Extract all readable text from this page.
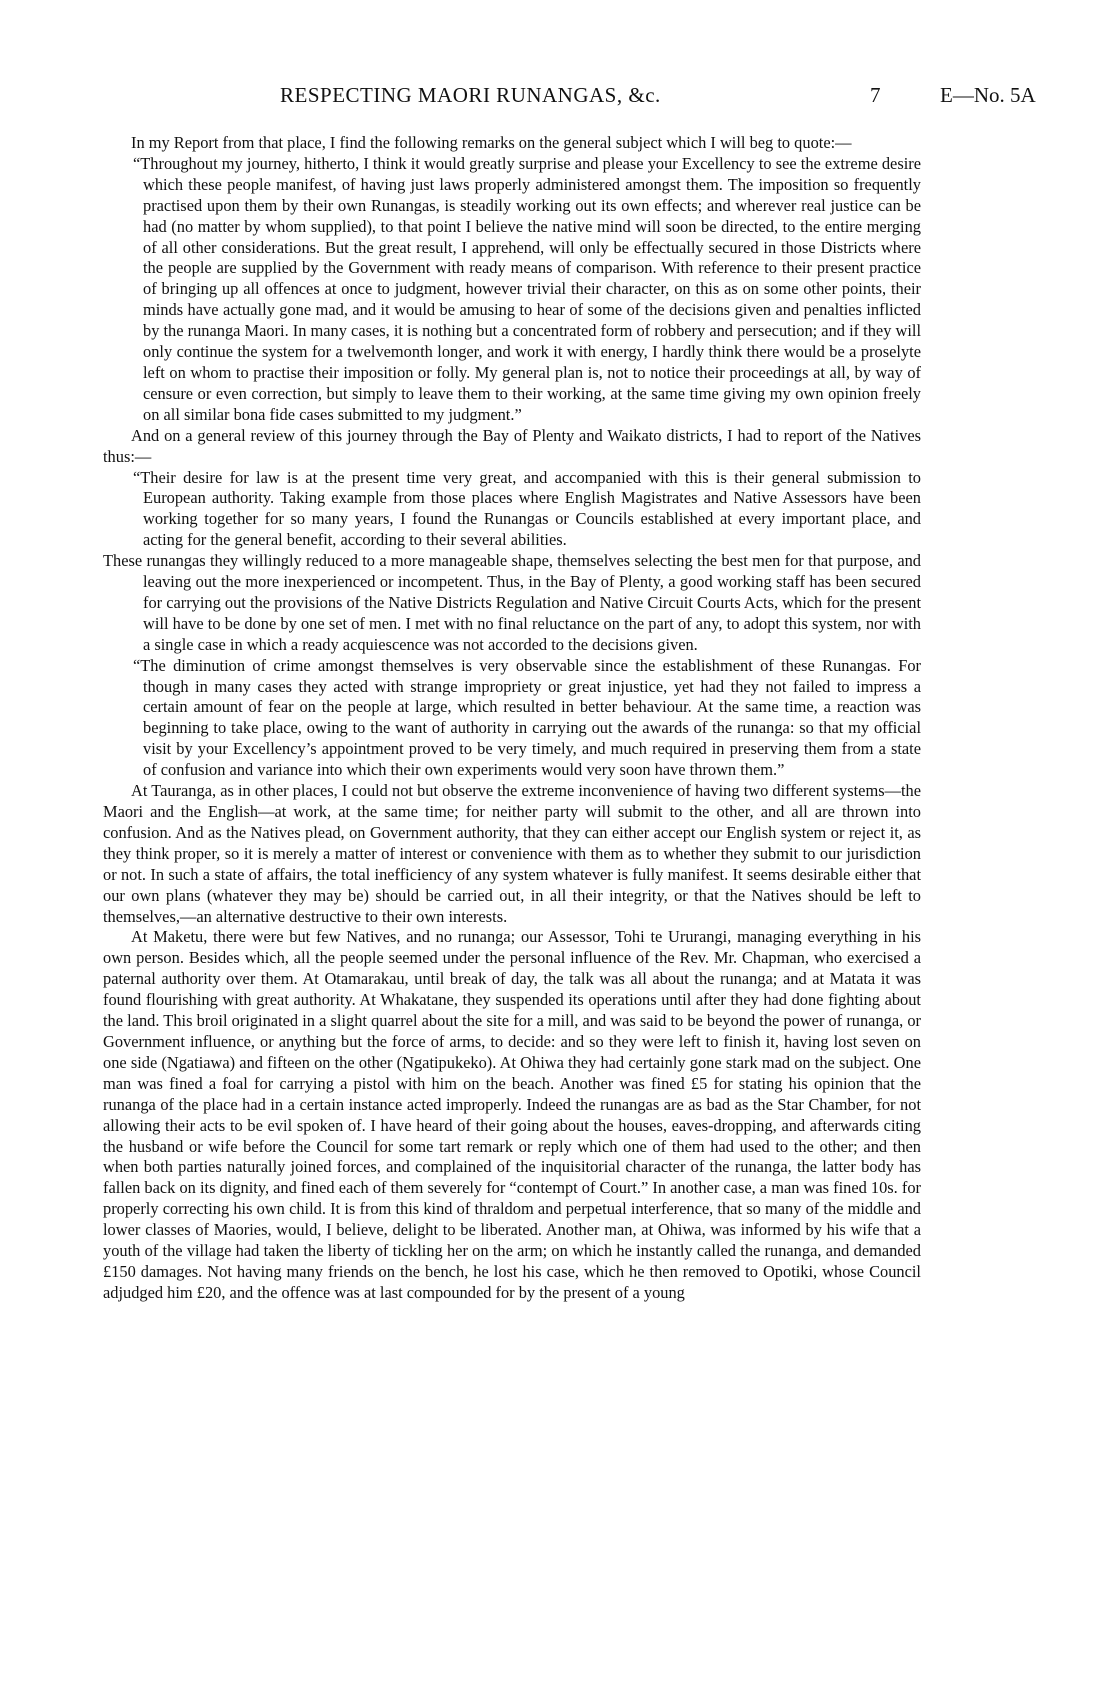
RESPECTING MAORI RUNANGAS, &c.	7	E—No. 5A

In my Report from that place, I find the following remarks on the general subject which I will beg to quote:—

“Throughout my journey, hitherto, I think it would greatly surprise and please your Excellency to see the extreme desire which these people manifest, of having just laws properly administered amongst them. The imposition so frequently practised upon them by their own Runangas, is steadily working out its own effects; and wherever real justice can be had (no matter by whom supplied), to that point I believe the native mind will soon be directed, to the entire merging of all other considerations. But the great result, I apprehend, will only be effectually secured in those Districts where the people are supplied by the Government with ready means of comparison. With reference to their present practice of bringing up all offences at once to judgment, however trivial their character, on this as on some other points, their minds have actually gone mad, and it would be amusing to hear of some of the decisions given and penalties inflicted by the runanga Maori. In many cases, it is nothing but a concentrated form of robbery and persecution; and if they will only continue the system for a twelvemonth longer, and work it with energy, I hardly think there would be a proselyte left on whom to practise their imposition or folly. My general plan is, not to notice their proceedings at all, by way of censure or even correction, but simply to leave them to their working, at the same time giving my own opinion freely on all similar bona fide cases submitted to my judgment.”

And on a general review of this journey through the Bay of Plenty and Waikato districts, I had to report of the Natives thus:—

“Their desire for law is at the present time very great, and accompanied with this is their general submission to European authority. Taking example from those places where English Magistrates and Native Assessors have been working together for so many years, I found the Runangas or Councils established at every important place, and acting for the general benefit, according to their several abilities.

These runangas they willingly reduced to a more manageable shape, themselves selecting the best men for that purpose, and leaving out the more inexperienced or incompetent. Thus, in the Bay of Plenty, a good working staff has been secured for carrying out the provisions of the Native Districts Regulation and Native Circuit Courts Acts, which for the present will have to be done by one set of men. I met with no final reluctance on the part of any, to adopt this system, nor with a single case in which a ready acquiescence was not accorded to the decisions given.

“The diminution of crime amongst themselves is very observable since the establishment of these Runangas. For though in many cases they acted with strange impropriety or great injustice, yet had they not failed to impress a certain amount of fear on the people at large, which resulted in better behaviour. At the same time, a reaction was beginning to take place, owing to the want of authority in carrying out the awards of the runanga: so that my official visit by your Excellency’s appointment proved to be very timely, and much required in preserving them from a state of confusion and variance into which their own experiments would very soon have thrown them.”

At Tauranga, as in other places, I could not but observe the extreme inconvenience of having two different systems—the Maori and the English—at work, at the same time; for neither party will submit to the other, and all are thrown into confusion. And as the Natives plead, on Government authority, that they can either accept our English system or reject it, as they think proper, so it is merely a matter of interest or convenience with them as to whether they submit to our jurisdiction or not. In such a state of affairs, the total inefficiency of any system whatever is fully manifest. It seems desirable either that our own plans (whatever they may be) should be carried out, in all their integrity, or that the Natives should be left to themselves,—an alternative destructive to their own interests.

At Maketu, there were but few Natives, and no runanga; our Assessor, Tohi te Ururangi, managing everything in his own person. Besides which, all the people seemed under the personal influence of the Rev. Mr. Chapman, who exercised a paternal authority over them. At Otamarakau, until break of day, the talk was all about the runanga; and at Matata it was found flourishing with great authority. At Whakatane, they suspended its operations until after they had done fighting about the land. This broil originated in a slight quarrel about the site for a mill, and was said to be beyond the power of runanga, or Government influence, or anything but the force of arms, to decide: and so they were left to finish it, having lost seven on one side (Ngatiawa) and fifteen on the other (Ngatipukeko). At Ohiwa they had certainly gone stark mad on the subject. One man was fined a foal for carrying a pistol with him on the beach. Another was fined £5 for stating his opinion that the runanga of the place had in a certain instance acted improperly. Indeed the runangas are as bad as the Star Chamber, for not allowing their acts to be evil spoken of. I have heard of their going about the houses, eaves-dropping, and afterwards citing the husband or wife before the Council for some tart remark or reply which one of them had used to the other; and then when both parties naturally joined forces, and complained of the inquisitorial character of the runanga, the latter body has fallen back on its dignity, and fined each of them severely for “contempt of Court.” In another case, a man was fined 10s. for properly correcting his own child. It is from this kind of thraldom and perpetual interference, that so many of the middle and lower classes of Maories, would, I believe, delight to be liberated. Another man, at Ohiwa, was informed by his wife that a youth of the village had taken the liberty of tickling her on the arm; on which he instantly called the runanga, and demanded £150 damages. Not having many friends on the bench, he lost his case, which he then removed to Opotiki, whose Council adjudged him £20, and the offence was at last compounded for by the present of a young
